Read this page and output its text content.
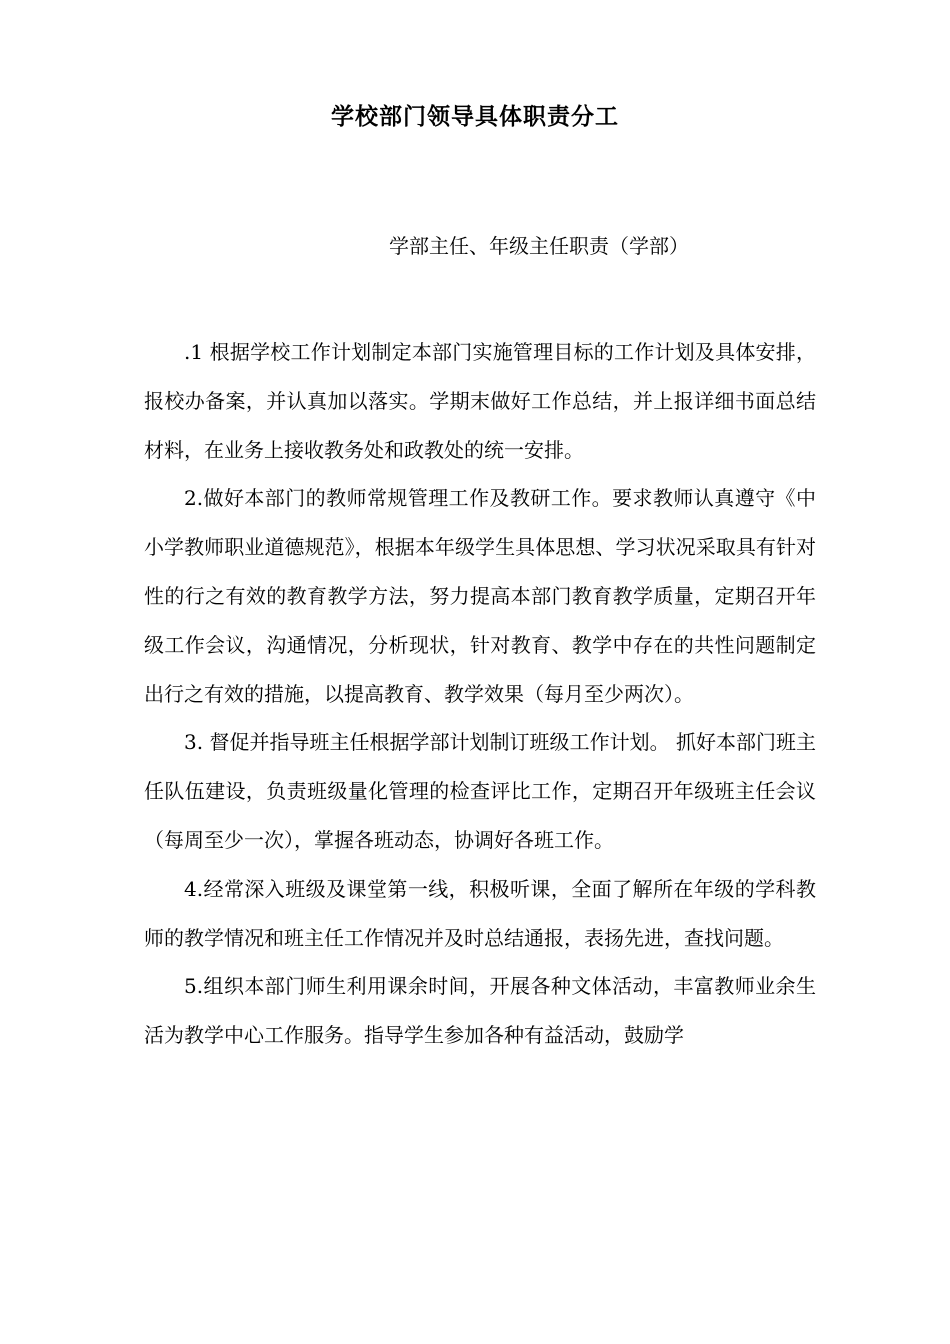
学校部门领导具体职责分工
学部主任、年级主任职责（学部）

.1 根据学校工作计划制定本部门实施管理目标的工作计划及具体安排，报校办备案，并认真加以落实。学期末做好工作总结，并上报详细书面总结材料，在业务上接收教务处和政教处的统一安排。

2.做好本部门的教师常规管理工作及教研工作。要求教师认真遵守《中小学教师职业道德规范》，根据本年级学生具体思想、学习状况采取具有针对性的行之有效的教育教学方法，努力提高本部门教育教学质量，定期召开年级工作会议，沟通情况，分析现状，针对教育、教学中存在的共性问题制定出行之有效的措施，以提高教育、教学效果（每月至少两次）。

3. 督促并指导班主任根据学部计划制订班级工作计划。 抓好本部门班主任队伍建设，负责班级量化管理的检查评比工作，定期召开年级班主任会议（每周至少一次），掌握各班动态，协调好各班工作。

4.经常深入班级及课堂第一线，积极听课，全面了解所在年级的学科教师的教学情况和班主任工作情况并及时总结通报，表扬先进，查找问题。

5.组织本部门师生利用课余时间，开展各种文体活动，丰富教师业余生活为教学中心工作服务。指导学生参加各种有益活动，鼓励学
